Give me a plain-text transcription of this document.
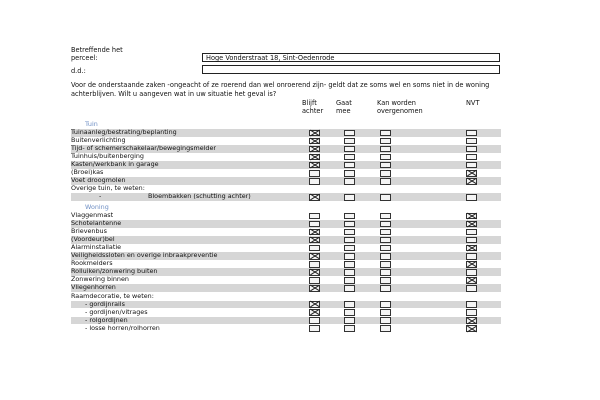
Betreffende het
perceel:	Hoge Vonderstraat 18, Sint-Oedenrode
d.d.:
Voor de onderstaande zaken -ongeacht of ze roerend dan wel onroerend zijn- geldt dat ze soms wel en soms niet in de woning achterblijven. Wilt u aangeven wat in uw situatie het geval is?
Blijft
achter
Gaat
mee
Kan worden
overgenomen
NVT
Tuin
Tuinaanleg/bestrating/beplanting
Buitenverlichting
Tijd- of schemerschakelaar/bewegingsmelder
Tuinhuis/buitenberging
Kasten/werkbank in garage
(Broei)kas
Voet droogmolen
Overige tuin, te weten:
-	Bloembakken (schutting achter)
Woning
Vlaggenmast
Schotelantenne
Brievenbus
(Voordeur)bel
Alarminstallatie
Veiligheidssloten en overige inbraakpreventie
Rookmelders
Rolluiken/zonwering buiten
Zonwering binnen
Vliegenhorren
Raamdecoratie, te weten:
- gordijnrails
- gordijnen/vitrages
- rolgordijnen
- losse horren/rolhorren
